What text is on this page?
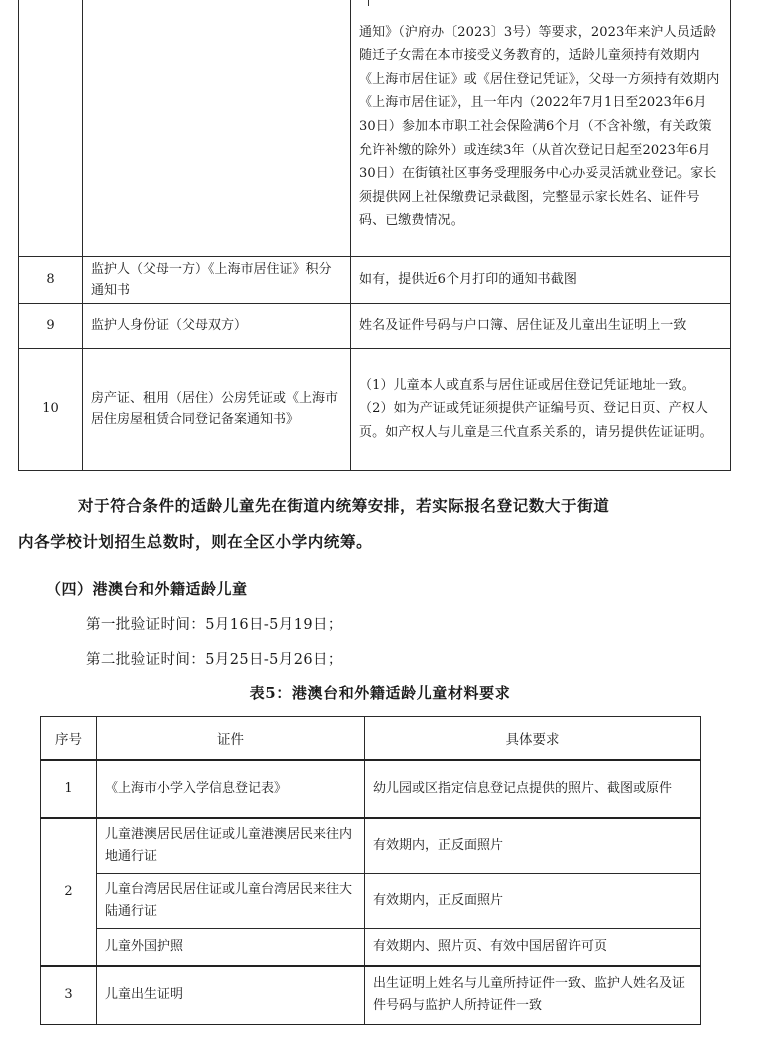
		通知》（沪府办〔2023〕3号）等要求，2023年来沪人员适龄随迁子女需在本市接受义务教育的，适龄儿童须持有效期内《上海市居住证》或《居住登记凭证》，父母一方须持有效期内《上海市居住证》，且一年内（2022年7月1日至2023年6月30日）参加本市职工社会保险满6个月（不含补缴，有关政策允许补缴的除外）或连续3年（从首次登记日起至2023年6月30日）在街镇社区事务受理服务中心办妥灵活就业登记。家长须提供网上社保缴费记录截图，完整显示家长姓名、证件号码、已缴费情况。
8	监护人（父母一方）《上海市居住证》积分通知书	如有，提供近6个月打印的通知书截图
9	监护人身份证（父母双方）	姓名及证件号码与户口簿、居住证及儿童出生证明上一致
10	房产证、租用（居住）公房凭证或《上海市居住房屋租赁合同登记备案通知书》	（1）儿童本人或直系与居住证或居住登记凭证地址一致。
（2）如为产证或凭证须提供产证编号页、登记日页、产权人页。如产权人与儿童是三代直系关系的，请另提供佐证证明。

对于符合条件的适龄儿童先在街道内统筹安排，若实际报名登记数大于街道

内各学校计划招生总数时，则在全区小学内统筹。

（四）港澳台和外籍适龄儿童
第一批验证时间：5月16日-5月19日；
第二批验证时间：5月25日-5月26日；
表5：港澳台和外籍适龄儿童材料要求
序号	证件	具体要求
1	《上海市小学入学信息登记表》	幼儿园或区指定信息登记点提供的照片、截图或原件
2	儿童港澳居民居住证或儿童港澳居民来往内地通行证	有效期内，正反面照片
	儿童台湾居民居住证或儿童台湾居民来往大陆通行证	有效期内，正反面照片
	儿童外国护照	有效期内、照片页、有效中国居留许可页
3	儿童出生证明	出生证明上姓名与儿童所持证件一致、监护人姓名及证件号码与监护人所持证件一致
